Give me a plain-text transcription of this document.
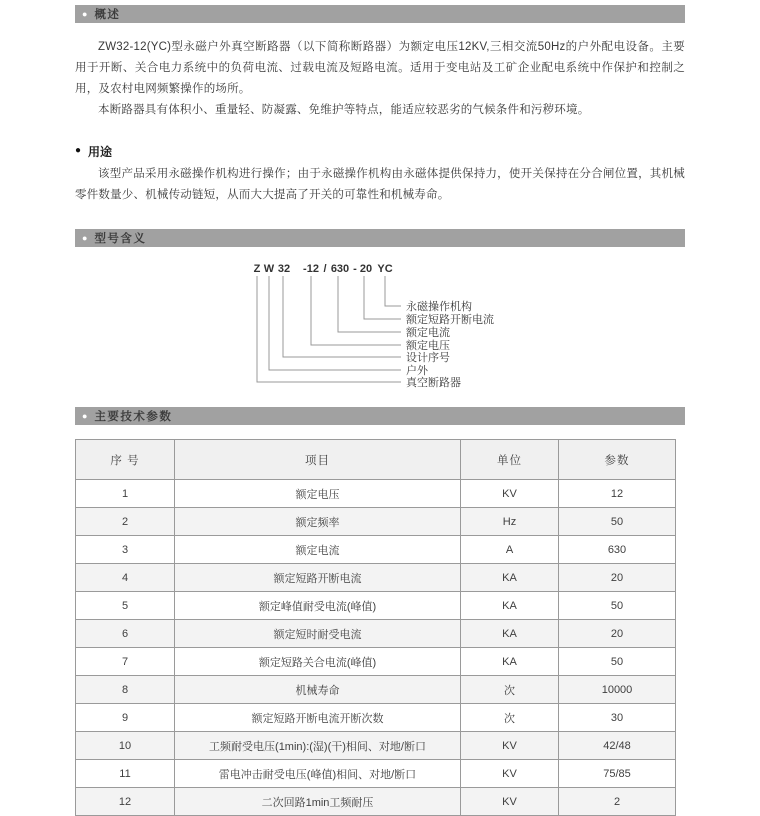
● 概述

ZW32-12(YC)型永磁户外真空断路器（以下简称断路器）为额定电压12KV,三相交流50Hz的户外配电设备。主要用于开断、关合电力系统中的负荷电流、过载电流及短路电流。适用于变电站及工矿企业配电系统中作保护和控制之用，及农村电网频繁操作的场所。

本断路器具有体积小、重量轻、防凝露、免维护等特点，能适应较恶劣的气候条件和污秽环境。

● 用途

该型产品采用永磁操作机构进行操作；由于永磁操作机构由永磁体提供保持力，使开关保持在分合闸位置，其机械零件数量少、机械传动链短，从而大大提高了开关的可靠性和机械寿命。

● 型号含义
Z W 32 -12 / 630 - 20 YC
永磁操作机构
额定短路开断电流
额定电流
额定电压
设计序号
户外
真空断路器
● 主要技术参数
序 号	项目	单位	参数
1	额定电压	KV	12
2	额定频率	Hz	50
3	额定电流	A	630
4	额定短路开断电流	KA	20
5	额定峰值耐受电流(峰值)	KA	50
6	额定短时耐受电流	KA	20
7	额定短路关合电流(峰值)	KA	50
8	机械寿命	次	10000
9	额定短路开断电流开断次数	次	30
10	工频耐受电压(1min):(湿)(干)相间、对地/断口	KV	42/48
11	雷电冲击耐受电压(峰值)相间、对地/断口	KV	75/85
12	二次回路1min工频耐压	KV	2
